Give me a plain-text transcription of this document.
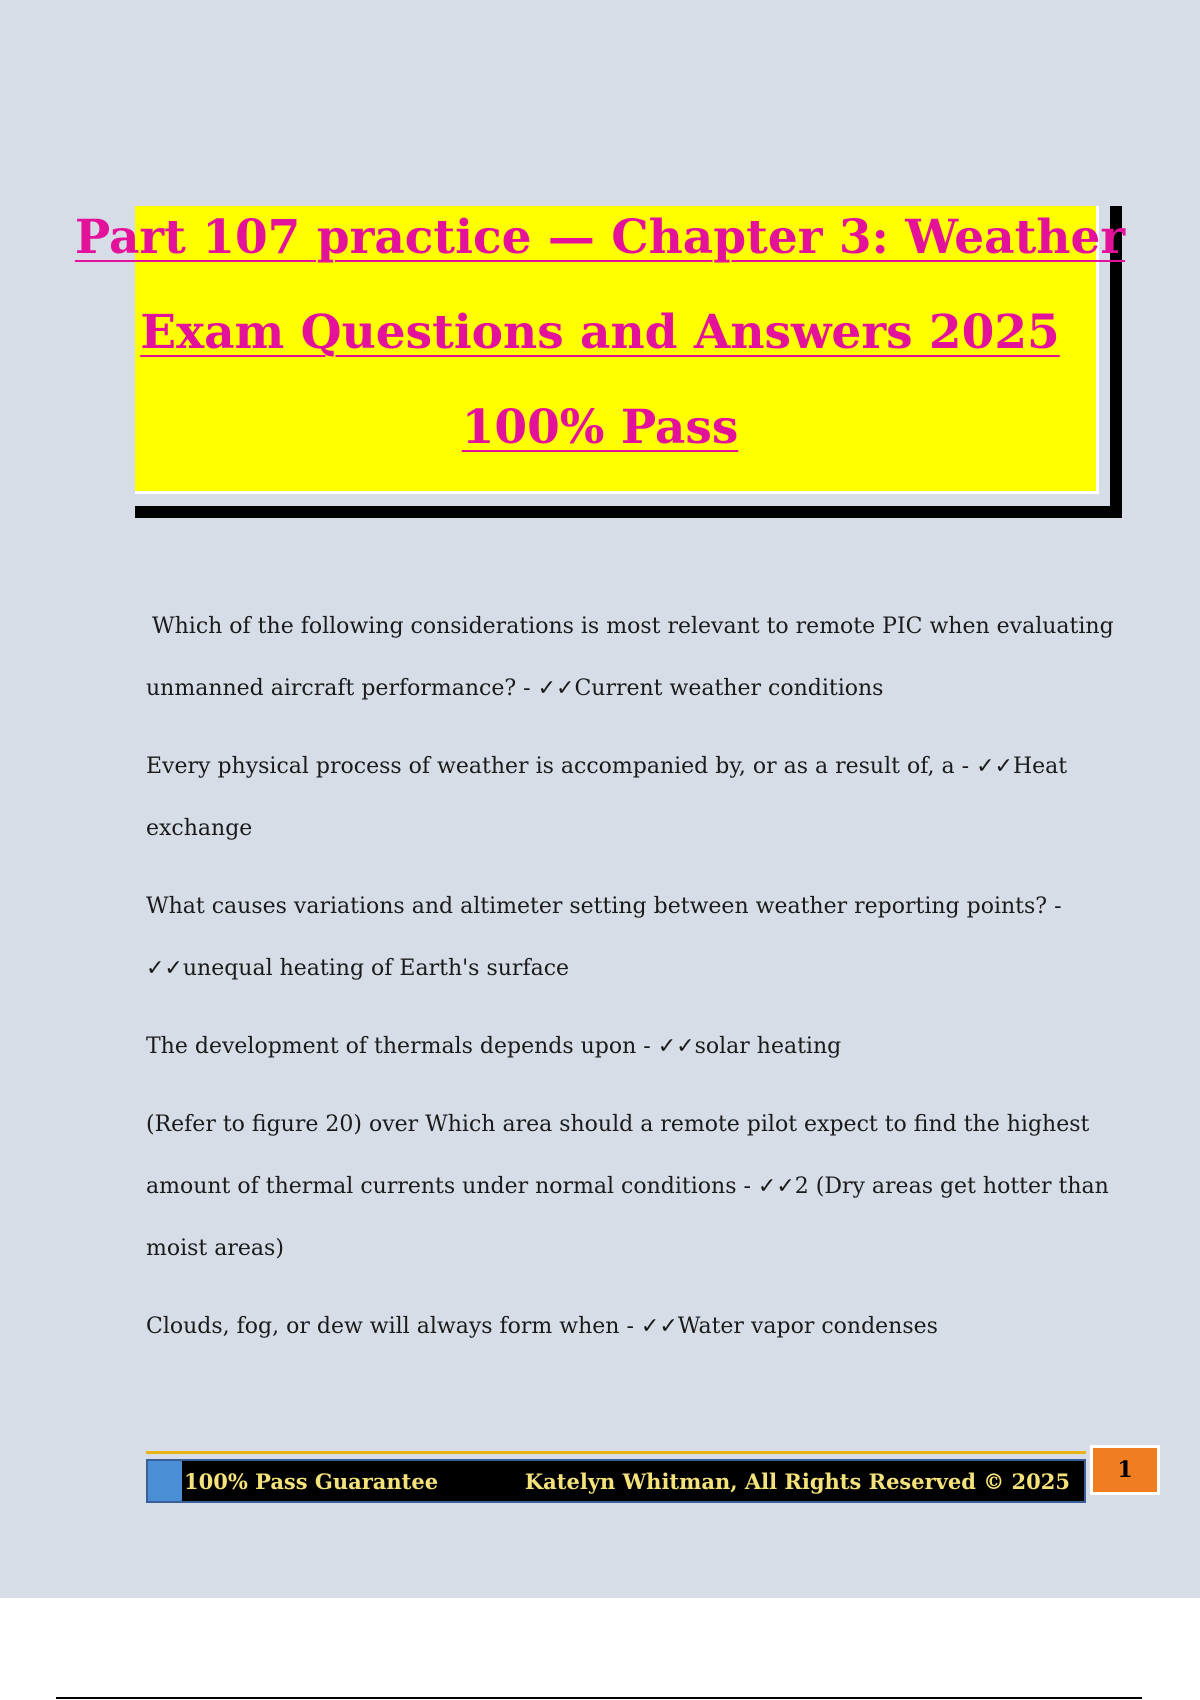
Part 107 practice — Chapter 3: Weather
Exam Questions and Answers 2025
100% Pass

Which of the following considerations is most relevant to remote PIC when evaluating
unmanned aircraft performance? - ✓✓Current weather conditions

Every physical process of weather is accompanied by, or as a result of, a - ✓✓Heat
exchange

What causes variations and altimeter setting between weather reporting points? -
✓✓unequal heating of Earth's surface

The development of thermals depends upon - ✓✓solar heating

(Refer to figure 20) over Which area should a remote pilot expect to find the highest
amount of thermal currents under normal conditions - ✓✓2 (Dry areas get hotter than
moist areas)

Clouds, fog, or dew will always form when - ✓✓Water vapor condenses

100% Pass Guarantee	Katelyn Whitman, All Rights Reserved © 2025	1
